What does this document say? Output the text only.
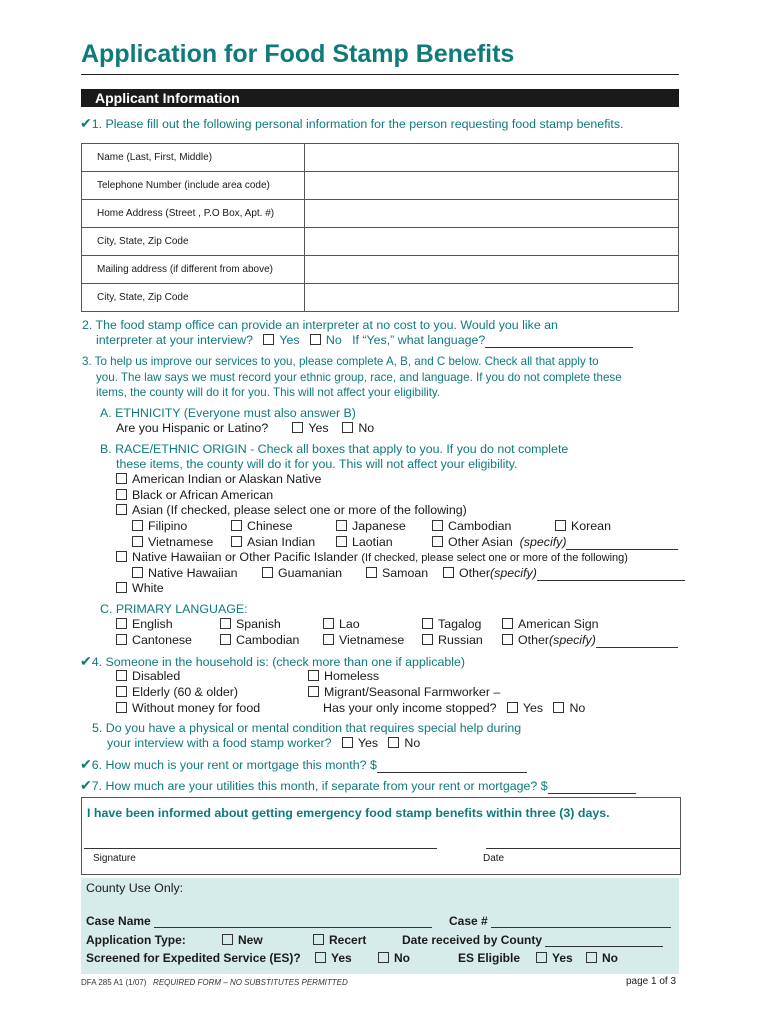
Application for Food Stamp Benefits
Applicant Information
✔1. Please fill out the following personal information for the person requesting food stamp benefits.
Name (Last, First, Middle)	
Telephone Number (include area code)	
Home Address (Street , P.O Box, Apt. #)	
City, State, Zip Code	
Mailing address (if different from above)	
City, State, Zip Code	
2. The food stamp office can provide an interpreter at no cost to you. Would you like an
interpreter at your interview? Yes No If “Yes,” what language?
3. To help us improve our services to you, please complete A, B, and C below. Check all that apply to
you. The law says we must record your ethnic group, race, and language. If you do not complete these
items, the county will do it for you. This will not affect your eligibility.
A. ETHNICITY (Everyone must also answer B)
Are you Hispanic or Latino?	Yes No
B. RACE/ETHNIC ORIGIN - Check all boxes that apply to you. If you do not complete
these items, the county will do it for you. This will not affect your eligibility.
American Indian or Alaskan Native
Black or African American
Asian (If checked, please select one or more of the following)
Filipino	Chinese	Japanese	Cambodian	Korean
Vietnamese	Asian Indian	Laotian	Other Asian (specify)
Native Hawaiian or Other Pacific Islander (If checked, please select one or more of the following)
Native Hawaiian	Guamanian	Samoan	Other(specify)
White
C. PRIMARY LANGUAGE:
English	Spanish	Lao	Tagalog	American Sign
Cantonese	Cambodian	Vietnamese	Russian	Other(specify)
✔4. Someone in the household is: (check more than one if applicable)
Disabled	Homeless
Elderly (60 & older)	Migrant/Seasonal Farmworker –
Without money for food	Has your only income stopped? Yes No
5. Do you have a physical or mental condition that requires special help during
your interview with a food stamp worker? Yes No
✔6. How much is your rent or mortgage this month? $
✔7. How much are your utilities this month, if separate from your rent or mortgage? $
I have been informed about getting emergency food stamp benefits within three (3) days.
Signature	Date
County Use Only:
Case Name	Case #
Application Type:	New	Recert	Date received by County
Screened for Expedited Service (ES)?	Yes	No	ES Eligible	Yes	No
DFA 285 A1 (1/07) REQUIRED FORM – NO SUBSTITUTES PERMITTED	page 1 of 3
